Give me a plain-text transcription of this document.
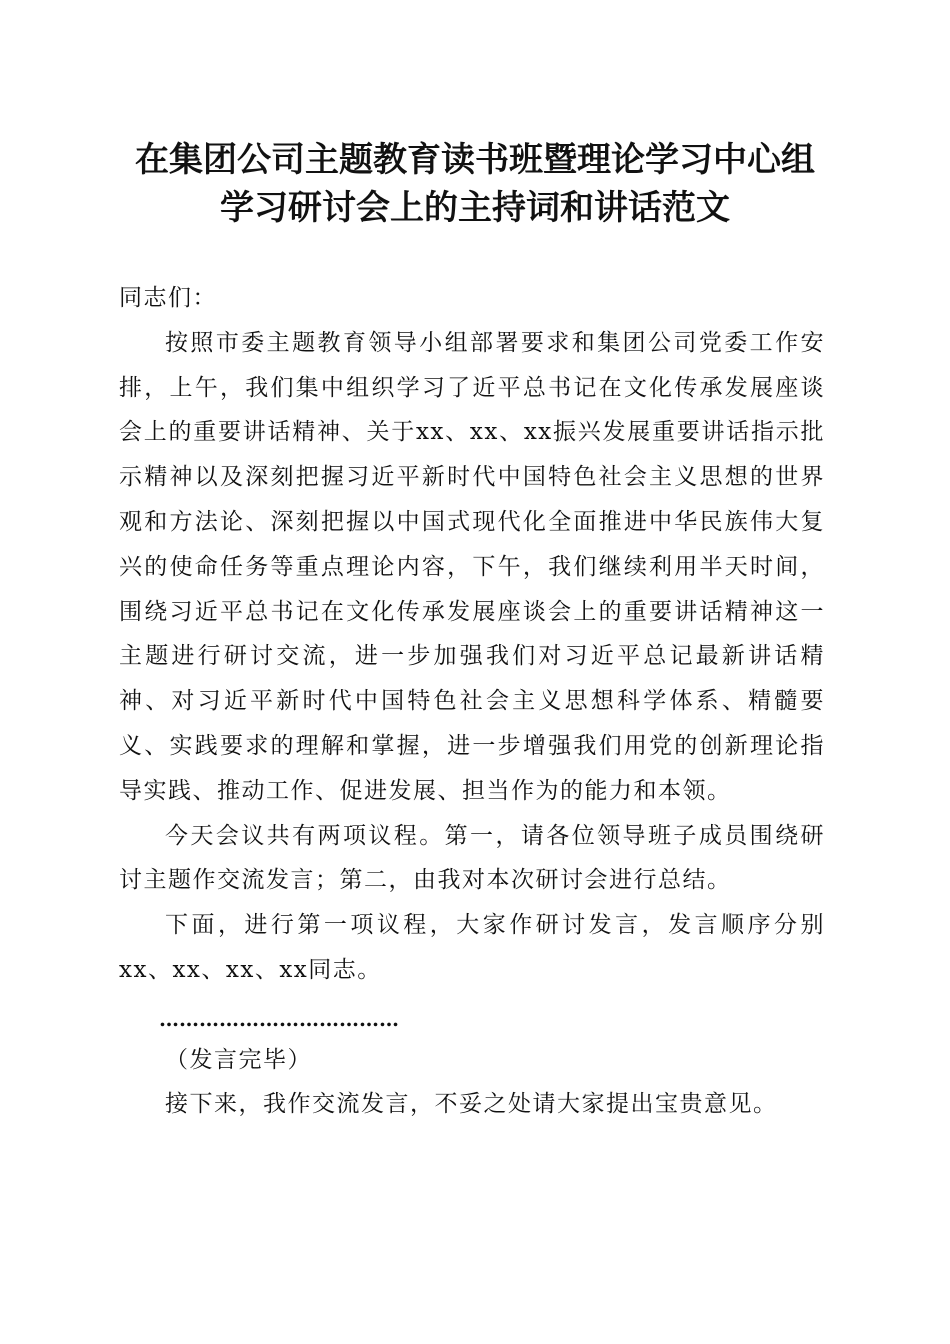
在集团公司主题教育读书班暨理论学习中心组
学习研讨会上的主持词和讲话范文

同志们：

按照市委主题教育领导小组部署要求和集团公司党委工作安排，上午，我们集中组织学习了近平总书记在文化传承发展座谈会上的重要讲话精神、关于xx、xx、xx振兴发展重要讲话指示批示精神以及深刻把握习近平新时代中国特色社会主义思想的世界观和方法论、深刻把握以中国式现代化全面推进中华民族伟大复兴的使命任务等重点理论内容，下午，我们继续利用半天时间，围绕习近平总书记在文化传承发展座谈会上的重要讲话精神这一主题进行研讨交流，进一步加强我们对习近平总记最新讲话精神、对习近平新时代中国特色社会主义思想科学体系、精髓要义、实践要求的理解和掌握，进一步增强我们用党的创新理论指导实践、推动工作、促进发展、担当作为的能力和本领。

今天会议共有两项议程。第一，请各位领导班子成员围绕研讨主题作交流发言；第二，由我对本次研讨会进行总结。

下面，进行第一项议程，大家作研讨发言，发言顺序分别xx、xx、xx、xx同志。

………………………………

（发言完毕）

接下来，我作交流发言，不妥之处请大家提出宝贵意见。
